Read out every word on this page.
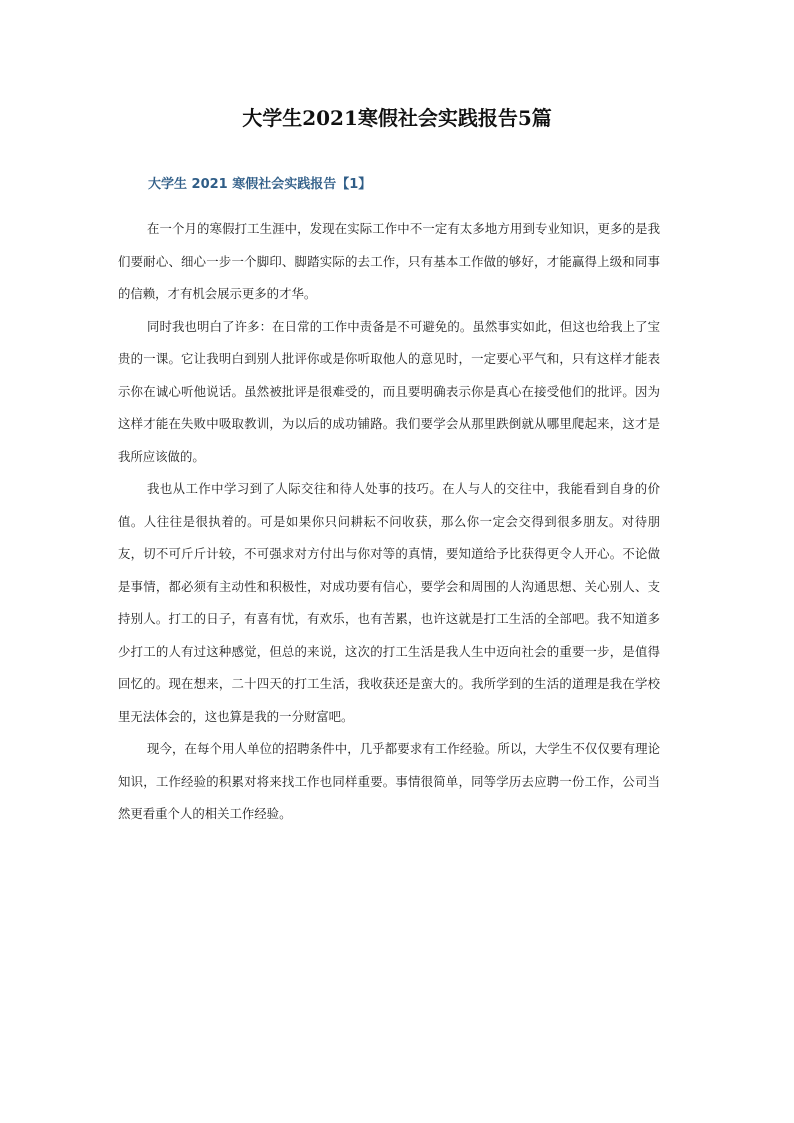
大学生2021寒假社会实践报告5篇
大学生 2021 寒假社会实践报告【1】

在一个月的寒假打工生涯中，发现在实际工作中不一定有太多地方用到专业知识，更多的是我们要耐心、细心一步一个脚印、脚踏实际的去工作，只有基本工作做的够好，才能赢得上级和同事的信赖，才有机会展示更多的才华。

同时我也明白了许多：在日常的工作中责备是不可避免的。虽然事实如此，但这也给我上了宝贵的一课。它让我明白到别人批评你或是你听取他人的意见时，一定要心平气和，只有这样才能表示你在诚心听他说话。虽然被批评是很难受的，而且要明确表示你是真心在接受他们的批评。因为这样才能在失败中吸取教训，为以后的成功铺路。我们要学会从那里跌倒就从哪里爬起来，这才是我所应该做的。

我也从工作中学习到了人际交往和待人处事的技巧。在人与人的交往中，我能看到自身的价值。人往往是很执着的。可是如果你只问耕耘不问收获，那么你一定会交得到很多朋友。对待朋友，切不可斤斤计较，不可强求对方付出与你对等的真情，要知道给予比获得更令人开心。不论做是事情，都必须有主动性和积极性，对成功要有信心，要学会和周围的人沟通思想、关心别人、支持别人。打工的日子，有喜有忧，有欢乐，也有苦累，也许这就是打工生活的全部吧。我不知道多少打工的人有过这种感觉，但总的来说，这次的打工生活是我人生中迈向社会的重要一步，是值得回忆的。现在想来，二十四天的打工生活，我收获还是蛮大的。我所学到的生活的道理是我在学校里无法体会的，这也算是我的一分财富吧。

现今，在每个用人单位的招聘条件中，几乎都要求有工作经验。所以，大学生不仅仅要有理论知识，工作经验的积累对将来找工作也同样重要。事情很简单，同等学历去应聘一份工作，公司当然更看重个人的相关工作经验。
